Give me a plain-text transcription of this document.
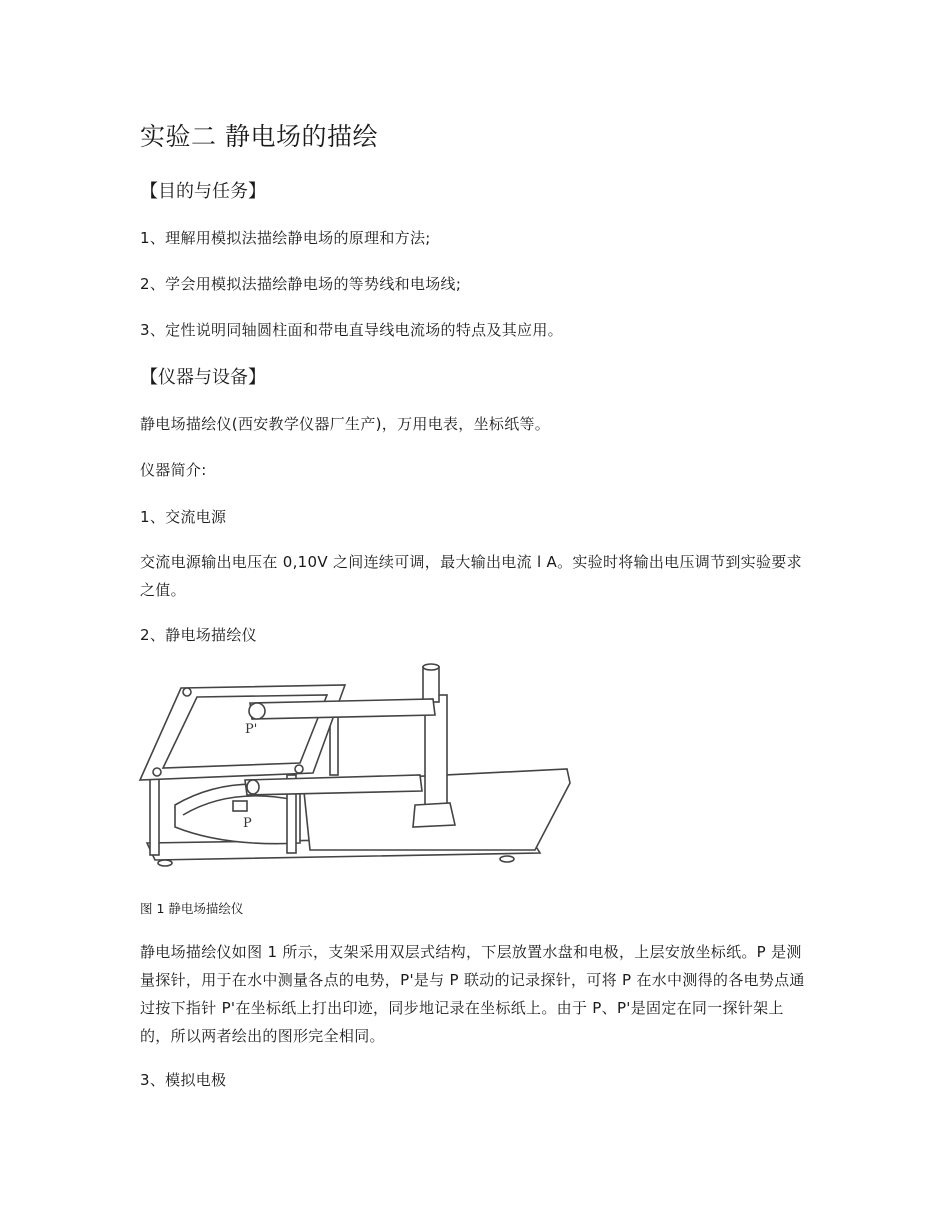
实验二 静电场的描绘
【目的与任务】

1、理解用模拟法描绘静电场的原理和方法;

2、学会用模拟法描绘静电场的等势线和电场线;

3、定性说明同轴圆柱面和带电直导线电流场的特点及其应用。

【仪器与设备】

静电场描绘仪(西安教学仪器厂生产)，万用电表，坐标纸等。

仪器简介:

1、交流电源

交流电源输出电压在 0,10V 之间连续可调，最大输出电流 l A。实验时将输出电压调节到实验要求之值。

2、静电场描绘仪

P'
P
图 1 静电场描绘仪

静电场描绘仪如图 1 所示，支架采用双层式结构，下层放置水盘和电极，上层安放坐标纸。P 是测量探针，用于在水中测量各点的电势，P'是与 P 联动的记录探针，可将 P 在水中测得的各电势点通过按下指针 P'在坐标纸上打出印迹，同步地记录在坐标纸上。由于 P、P'是固定在同一探针架上的，所以两者绘出的图形完全相同。

3、模拟电极
